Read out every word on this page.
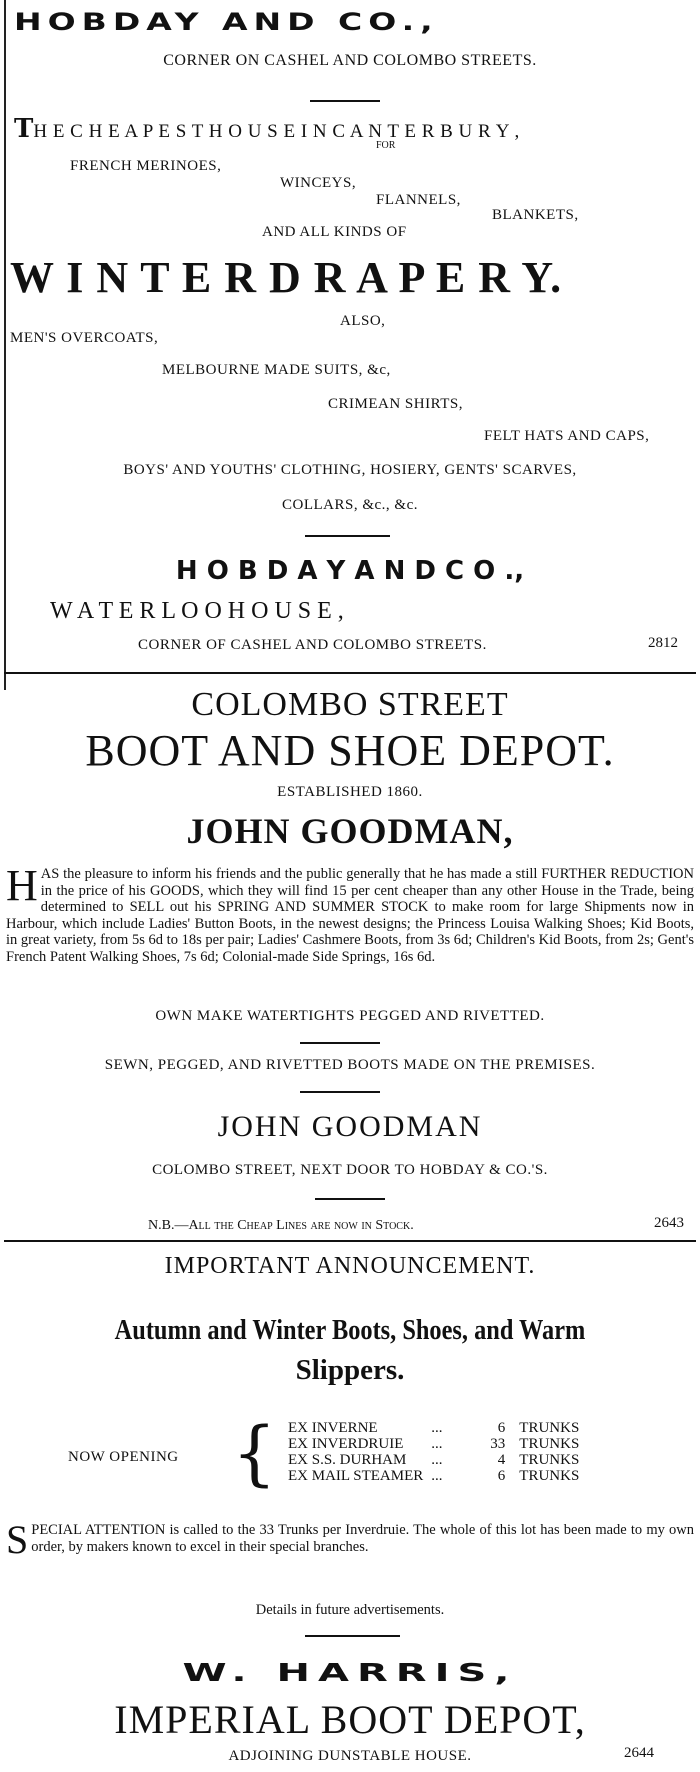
HOBDAY AND CO.,
CORNER ON CASHEL AND COLOMBO STREETS.
TH E C H E A P E S T H O U S E I N C A N T E R B U R Y ,
FOR
FRENCH MERINOES,
WINCEYS,
FLANNELS,
BLANKETS,
AND ALL KINDS OF
W I N T E R D R A P E R Y.
ALSO,
MEN'S OVERCOATS,
MELBOURNE MADE SUITS, &c,
CRIMEAN SHIRTS,
FELT HATS AND CAPS,
BOYS' AND YOUTHS' CLOTHING, HOSIERY, GENTS' SCARVES,
COLLARS, &c., &c.
H O B D A Y A N D C O .,
W A T E R L O O H O U S E ,
CORNER OF CASHEL AND COLOMBO STREETS.	2812
COLOMBO STREET
BOOT AND SHOE DEPOT.
ESTABLISHED 1860.
JOHN GOODMAN,
HAS the pleasure to inform his friends and the public generally that he has made a still FURTHER REDUCTION in the price of his GOODS, which they will find 15 per cent cheaper than any other House in the Trade, being determined to SELL out his SPRING AND SUMMER STOCK to make room for large Shipments now in Harbour, which include Ladies' Button Boots, in the newest designs; the Princess Louisa Walking Shoes; Kid Boots, in great variety, from 5s 6d to 18s per pair; Ladies' Cashmere Boots, from 3s 6d; Children's Kid Boots, from 2s; Gent's French Patent Walking Shoes, 7s 6d; Colonial-made Side Springs, 16s 6d.
OWN MAKE WATERTIGHTS PEGGED AND RIVETTED.
SEWN, PEGGED, AND RIVETTED BOOTS MADE ON THE PREMISES.
JOHN GOODMAN
COLOMBO STREET, NEXT DOOR TO HOBDAY & CO.'S.
N.B.—All the Cheap Lines are now in Stock.	2643
IMPORTANT ANNOUNCEMENT.
Autumn and Winter Boots, Shoes, and Warm
Slippers.
NOW OPENING { EX INVERNE	...	6	TRUNKS
EX INVERDRUIE	...	33	TRUNKS
EX S.S. DURHAM	...	4	TRUNKS
EX MAIL STEAMER	...	6	TRUNKS
SPECIAL ATTENTION is called to the 33 Trunks per Inverdruie. The whole of this lot has been made to my own order, by makers known to excel in their special branches.
Details in future advertisements.
W. HARRIS,
IMPERIAL BOOT DEPOT,
ADJOINING DUNSTABLE HOUSE.	2644
